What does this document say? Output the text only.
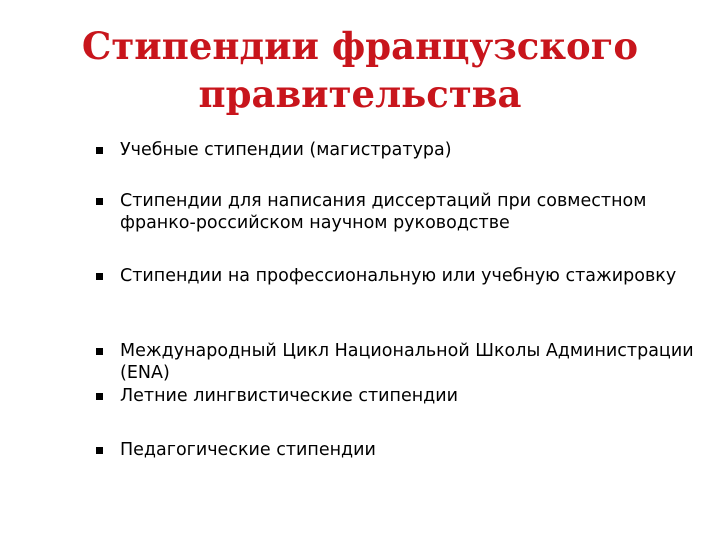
Стипендии французского
правительства
Учебные стипендии (магистратура)
Стипендии для написания диссертаций при совместном франко-российском научном руководстве
Стипендии на профессиональную или учебную стажировку
Международный Цикл Национальной Школы Администрации (ENA)
Летние лингвистические стипендии
Педагогические стипендии
